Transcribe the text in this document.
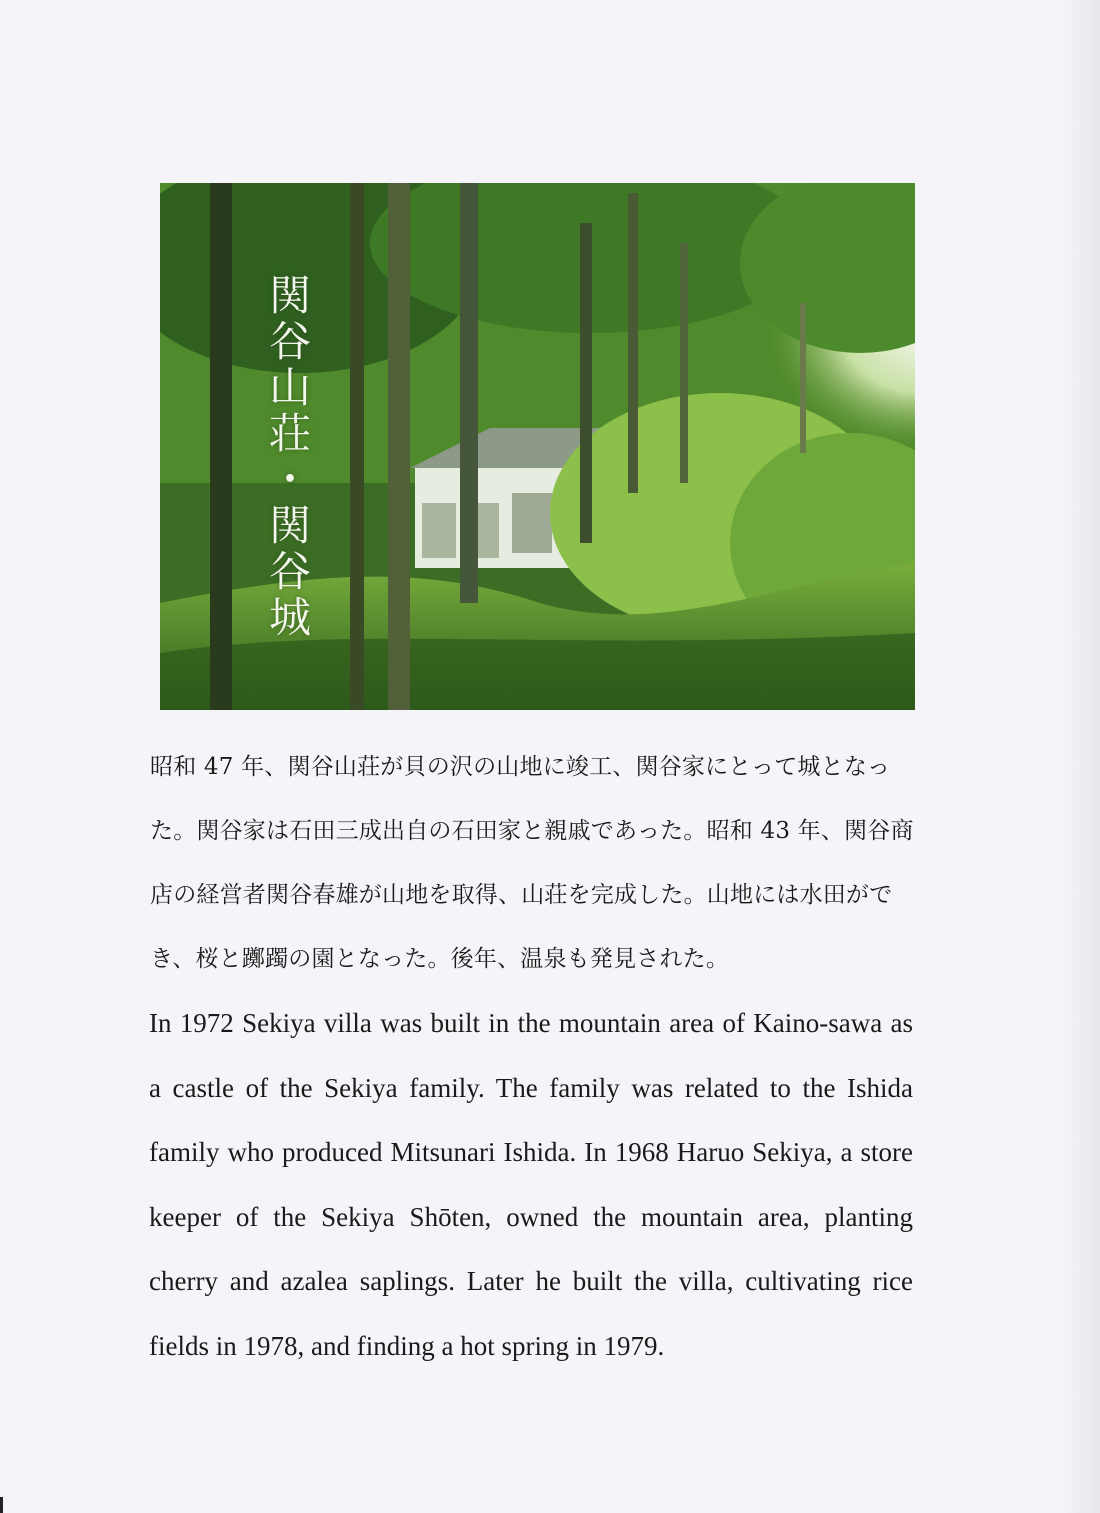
関谷山荘・関谷城

昭和 47 年、関谷山荘が貝の沢の山地に竣工、関谷家にとって城となった。関谷家は石田三成出自の石田家と親戚であった。昭和 43 年、関谷商店の経営者関谷春雄が山地を取得、山荘を完成した。山地には水田ができ、桜と躑躅の園となった。後年、温泉も発見された。

In 1972 Sekiya villa was built in the mountain area of Kaino-sawa as a castle of the Sekiya family. The family was related to the Ishida family who produced Mitsunari Ishida. In 1968 Haruo Sekiya, a store keeper of the Sekiya Shōten, owned the mountain area, planting cherry and azalea saplings. Later he built the villa, cultivating rice fields in 1978, and finding a hot spring in 1979.
